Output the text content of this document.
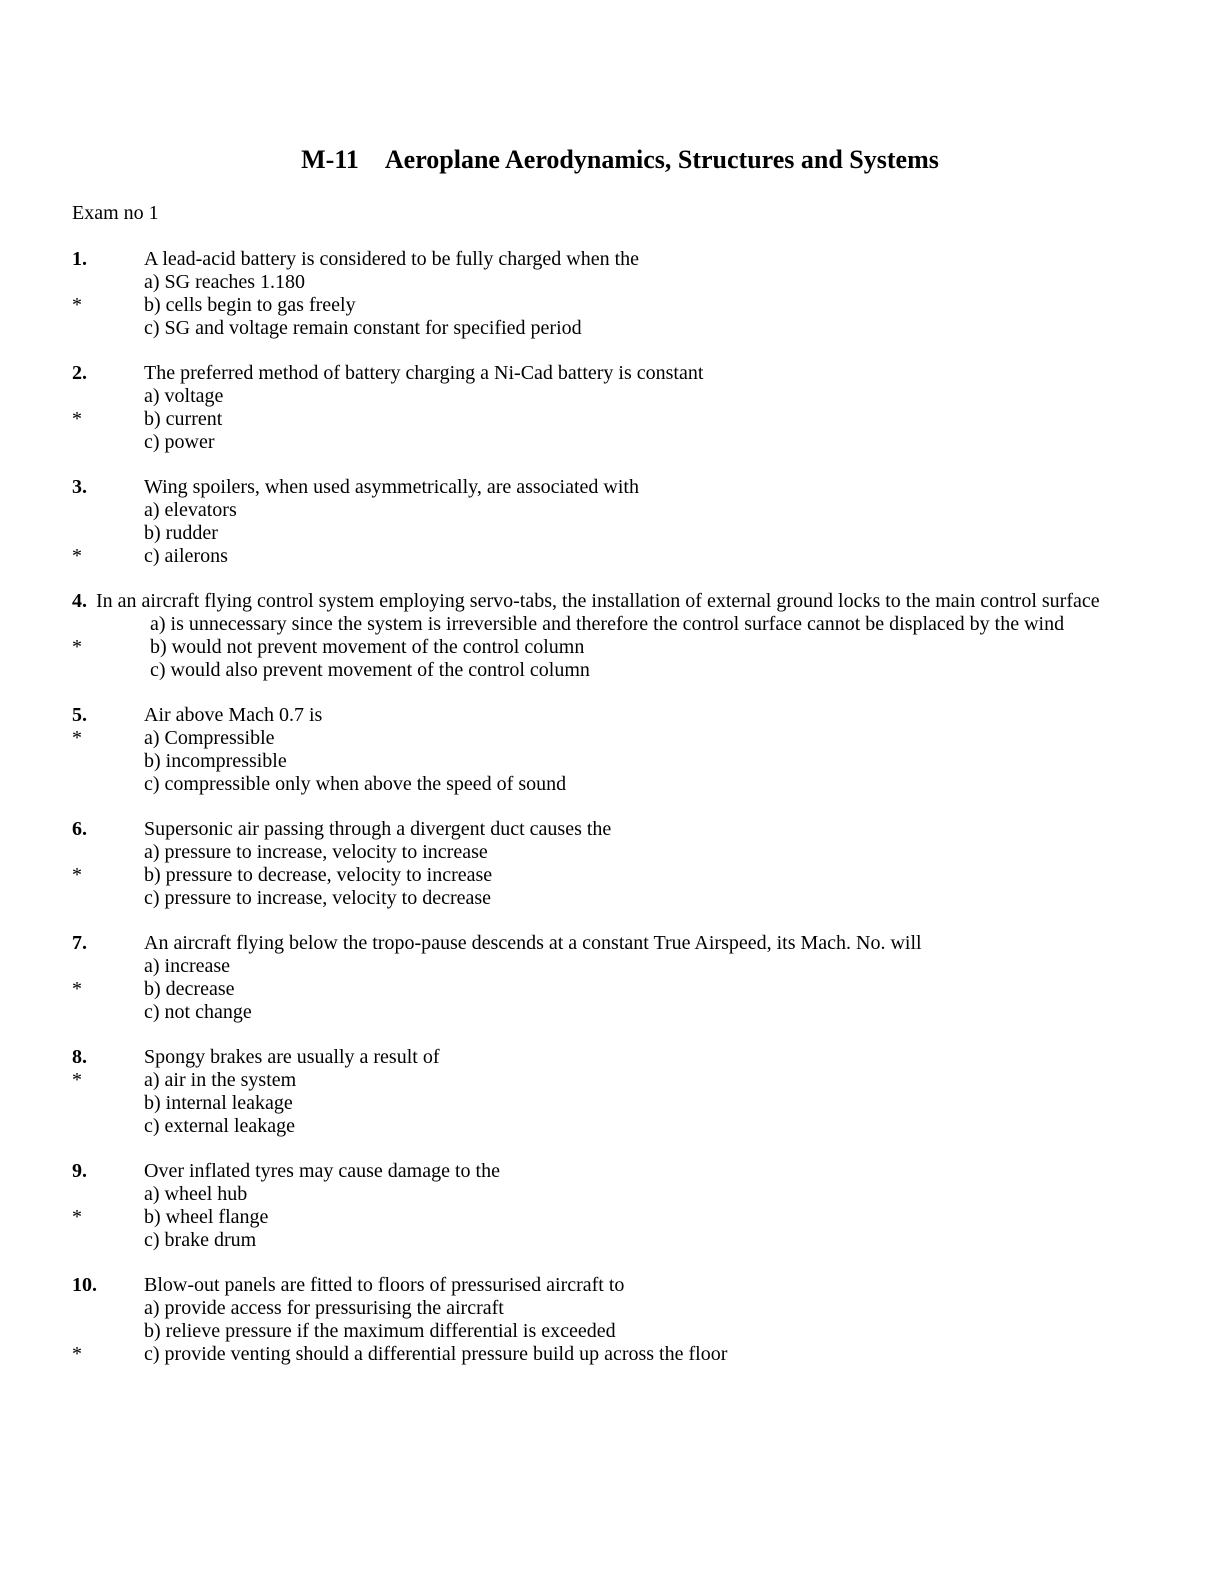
M-11 Aeroplane Aerodynamics, Structures and Systems
Exam no 1
1.	A lead-acid battery is considered to be fully charged when the
a) SG reaches 1.180
*	b) cells begin to gas freely
c) SG and voltage remain constant for specified period
2.	The preferred method of battery charging a Ni-Cad battery is constant
a) voltage
*	b) current
c) power
3.	Wing spoilers, when used asymmetrically, are associated with
a) elevators
b) rudder
*	c) ailerons
4. In an aircraft flying control system employing servo-tabs, the installation of external ground locks to the main control surface
a) is unnecessary since the system is irreversible and therefore the control surface cannot be displaced by the wind
*	b) would not prevent movement of the control column
c) would also prevent movement of the control column
5.	Air above Mach 0.7 is
*	a) Compressible
b) incompressible
c) compressible only when above the speed of sound
6.	Supersonic air passing through a divergent duct causes the
a) pressure to increase, velocity to increase
*	b) pressure to decrease, velocity to increase
c) pressure to increase, velocity to decrease
7.	An aircraft flying below the tropo-pause descends at a constant True Airspeed, its Mach. No. will
a) increase
*	b) decrease
c) not change
8.	Spongy brakes are usually a result of
*	a) air in the system
b) internal leakage
c) external leakage
9.	Over inflated tyres may cause damage to the
a) wheel hub
*	b) wheel flange
c) brake drum
10.	Blow-out panels are fitted to floors of pressurised aircraft to
a) provide access for pressurising the aircraft
b) relieve pressure if the maximum differential is exceeded
*	c) provide venting should a differential pressure build up across the floor
